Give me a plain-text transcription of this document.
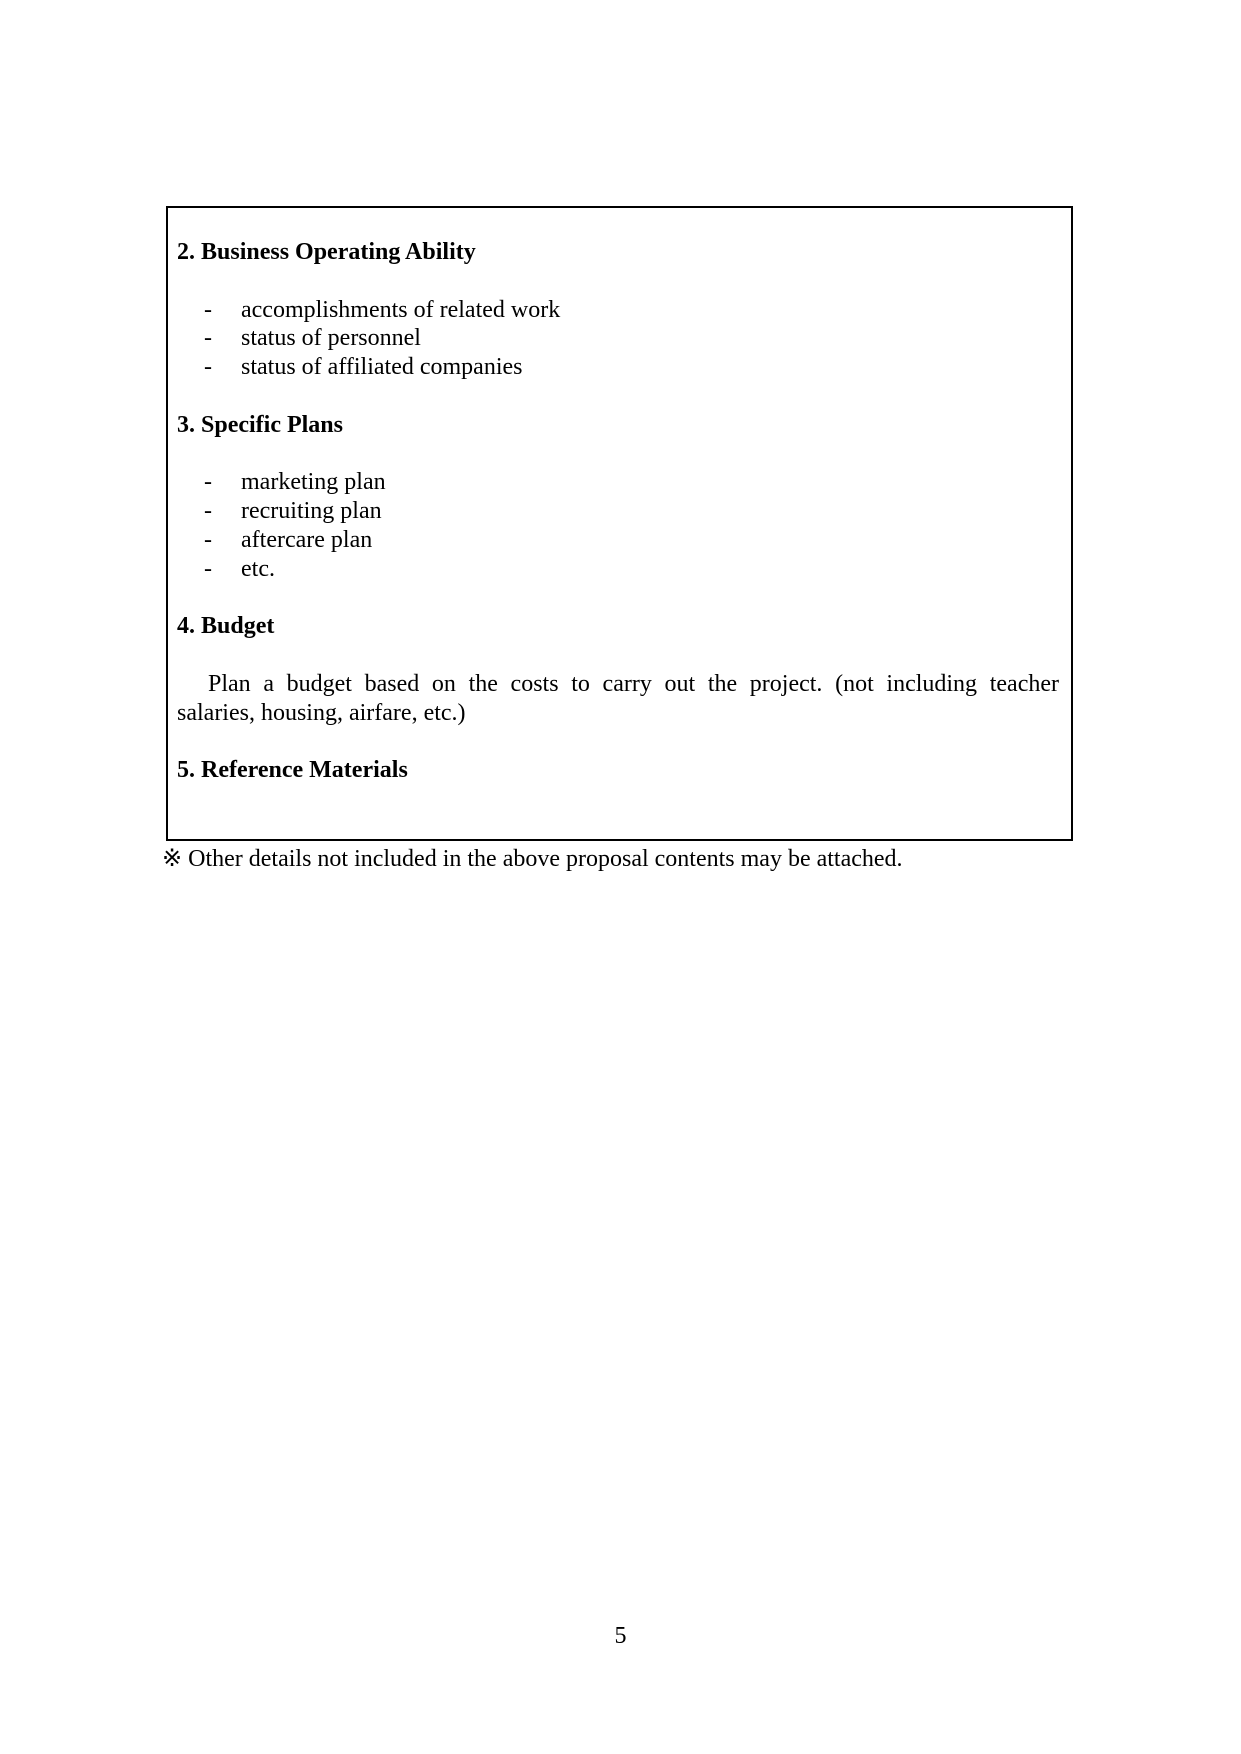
2. Business Operating Ability
- accomplishments of related work
- status of personnel
- status of affiliated companies
3. Specific Plans
- marketing plan
- recruiting plan
- aftercare plan
- etc.
4. Budget
Plan a budget based on the costs to carry out the project. (not including teacher
salaries, housing, airfare, etc.)
5. Reference Materials
※ Other details not included in the above proposal contents may be attached.
5
